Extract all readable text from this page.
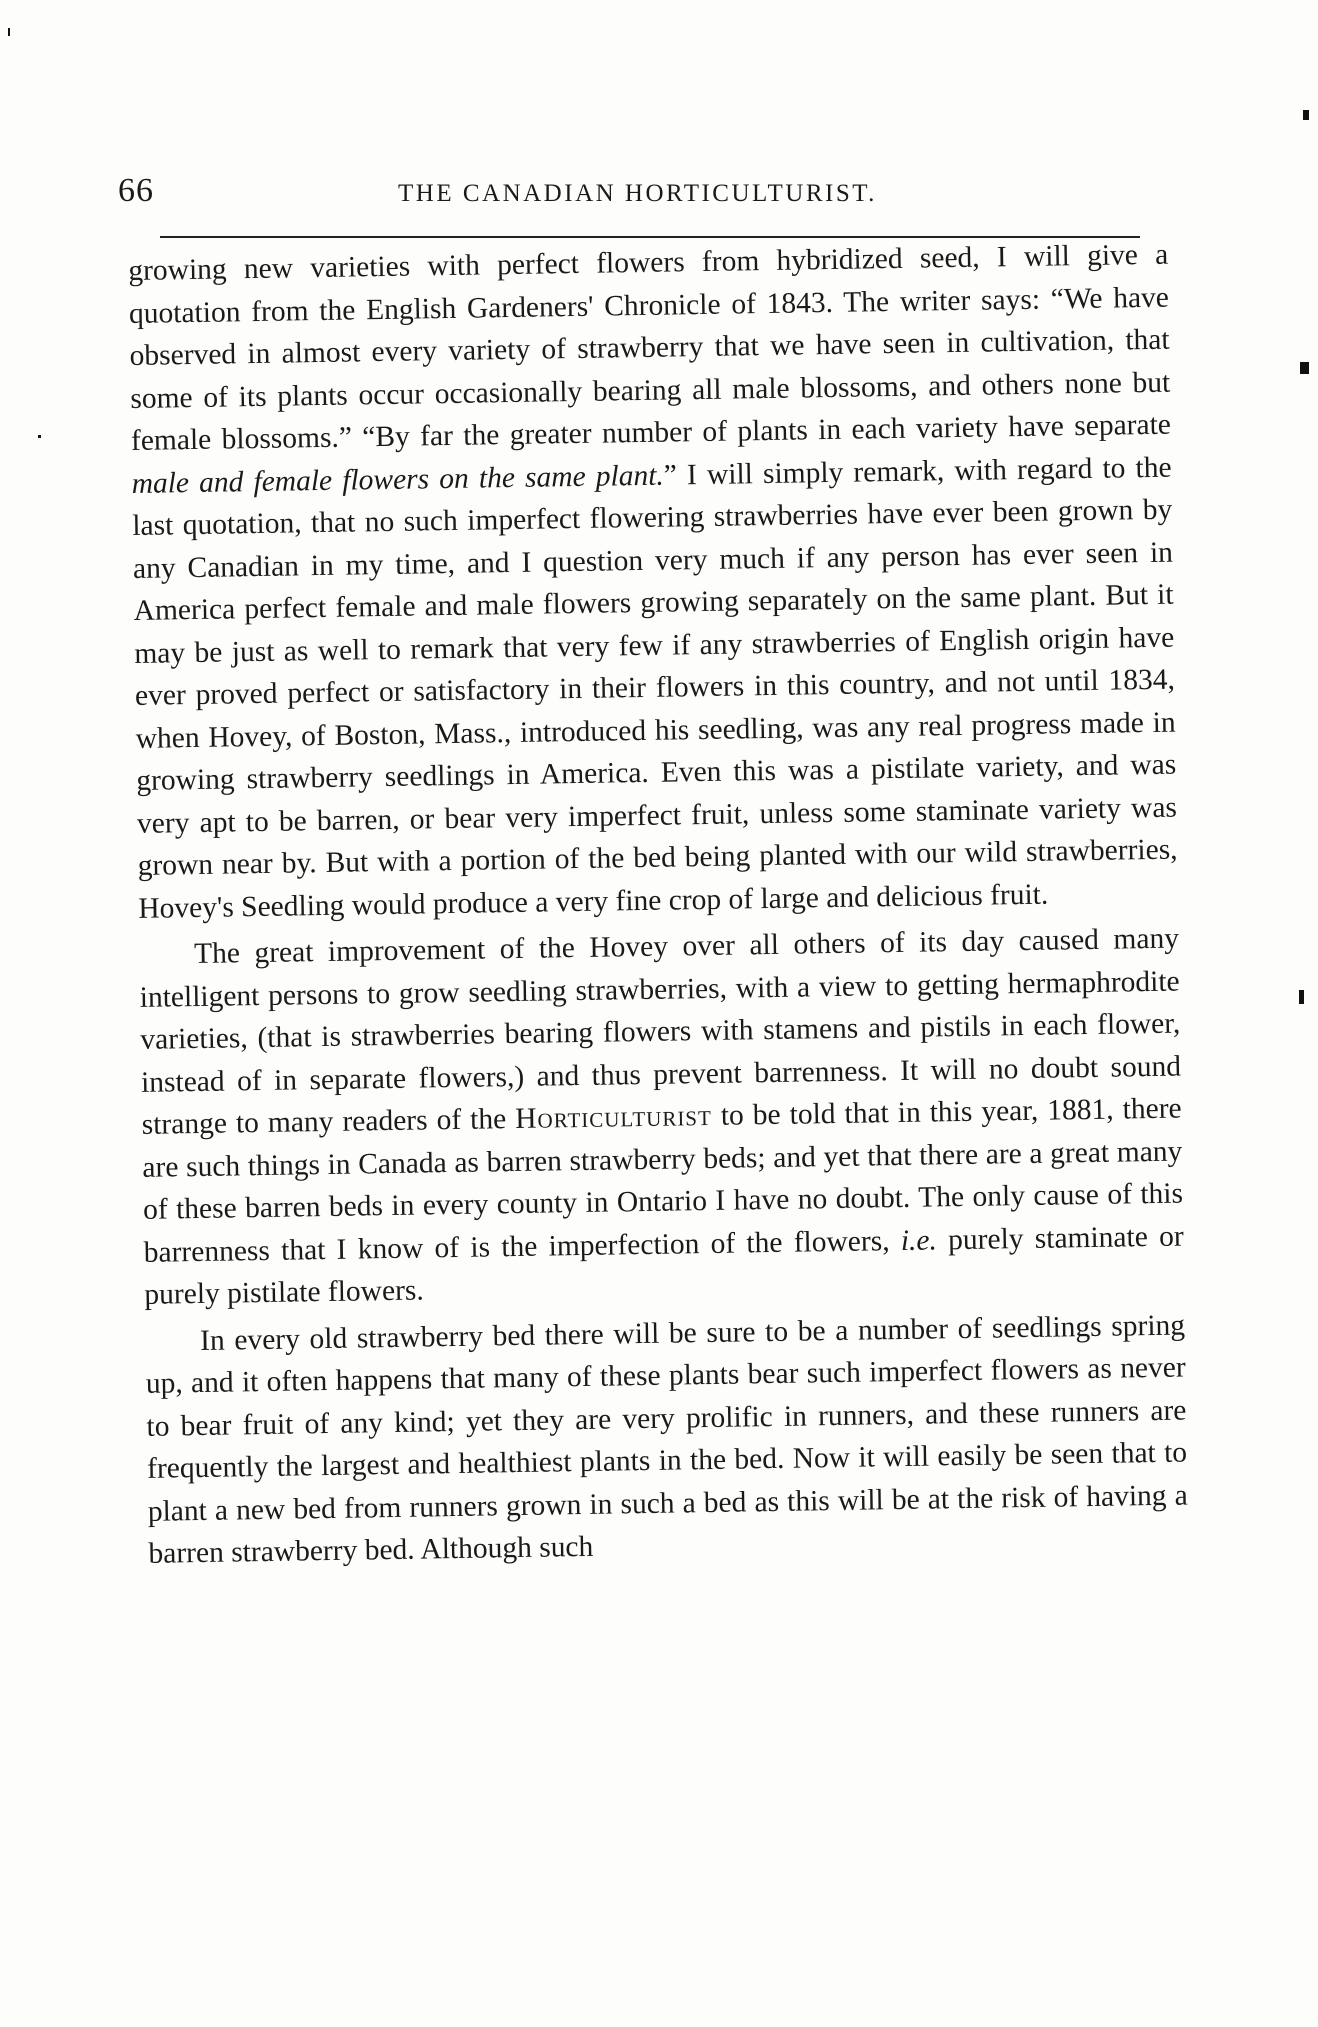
66	THE CANADIAN HORTICULTURIST.

growing new varieties with perfect flowers from hybridized seed, I will give a quotation from the English Gardeners' Chronicle of 1843. The writer says: “We have observed in almost every variety of strawberry that we have seen in cultivation, that some of its plants occur occasionally bearing all male blossoms, and others none but female blossoms.” “By far the greater number of plants in each variety have separate male and female flowers on the same plant.” I will simply remark, with regard to the last quotation, that no such imperfect flowering strawberries have ever been grown by any Canadian in my time, and I question very much if any person has ever seen in America perfect female and male flowers growing separately on the same plant. But it may be just as well to remark that very few if any strawberries of English origin have ever proved perfect or satisfactory in their flowers in this country, and not until 1834, when Hovey, of Boston, Mass., introduced his seedling, was any real progress made in growing strawberry seedlings in America. Even this was a pistilate variety, and was very apt to be barren, or bear very imperfect fruit, unless some staminate variety was grown near by. But with a portion of the bed being planted with our wild strawberries, Hovey's Seedling would produce a very fine crop of large and delicious fruit.

The great improvement of the Hovey over all others of its day caused many intelligent persons to grow seedling strawberries, with a view to getting hermaphrodite varieties, (that is strawberries bearing flowers with stamens and pistils in each flower, instead of in separate flowers,) and thus prevent barrenness. It will no doubt sound strange to many readers of the Horticulturist to be told that in this year, 1881, there are such things in Canada as barren strawberry beds; and yet that there are a great many of these barren beds in every county in Ontario I have no doubt. The only cause of this barrenness that I know of is the imperfection of the flowers, i.e. purely staminate or purely pistilate flowers.

In every old strawberry bed there will be sure to be a number of seedlings spring up, and it often happens that many of these plants bear such imperfect flowers as never to bear fruit of any kind; yet they are very prolific in runners, and these runners are frequently the largest and healthiest plants in the bed. Now it will easily be seen that to plant a new bed from runners grown in such a bed as this will be at the risk of having a barren strawberry bed. Although such
